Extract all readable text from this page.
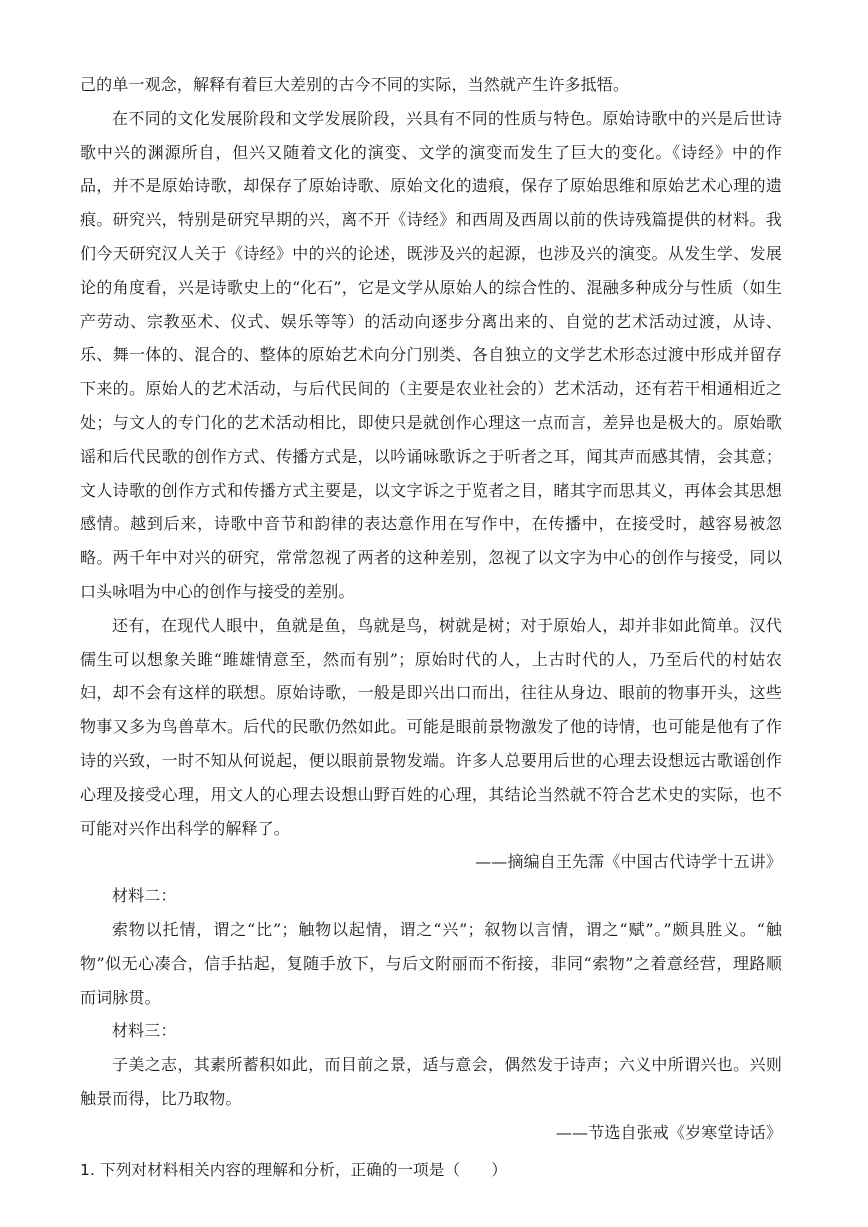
己的单一观念，解释有着巨大差别的古今不同的实际，当然就产生许多抵牾。

在不同的文化发展阶段和文学发展阶段，兴具有不同的性质与特色。原始诗歌中的兴是后世诗歌中兴的渊源所自，但兴又随着文化的演变、文学的演变而发生了巨大的变化。《诗经》中的作品，并不是原始诗歌，却保存了原始诗歌、原始文化的遗痕，保存了原始思维和原始艺术心理的遗痕。研究兴，特别是研究早期的兴，离不开《诗经》和西周及西周以前的佚诗残篇提供的材料。我们今天研究汉人关于《诗经》中的兴的论述，既涉及兴的起源，也涉及兴的演变。从发生学、发展论的角度看，兴是诗歌史上的“化石”，它是文学从原始人的综合性的、混融多种成分与性质（如生产劳动、宗教巫术、仪式、娱乐等等）的活动向逐步分离出来的、自觉的艺术活动过渡，从诗、乐、舞一体的、混合的、整体的原始艺术向分门别类、各自独立的文学艺术形态过渡中形成并留存下来的。原始人的艺术活动，与后代民间的（主要是农业社会的）艺术活动，还有若干相通相近之处；与文人的专门化的艺术活动相比，即使只是就创作心理这一点而言，差异也是极大的。原始歌谣和后代民歌的创作方式、传播方式是，以吟诵咏歌诉之于听者之耳，闻其声而感其情，会其意；文人诗歌的创作方式和传播方式主要是，以文字诉之于览者之目，睹其字而思其义，再体会其思想感情。越到后来，诗歌中音节和韵律的表达意作用在写作中，在传播中，在接受时，越容易被忽略。两千年中对兴的研究，常常忽视了两者的这种差别，忽视了以文字为中心的创作与接受，同以口头咏唱为中心的创作与接受的差别。

还有，在现代人眼中，鱼就是鱼，鸟就是鸟，树就是树；对于原始人，却并非如此简单。汉代儒生可以想象关雎“雎雄情意至，然而有别”；原始时代的人，上古时代的人，乃至后代的村姑农妇，却不会有这样的联想。原始诗歌，一般是即兴出口而出，往往从身边、眼前的物事开头，这些物事又多为鸟兽草木。后代的民歌仍然如此。可能是眼前景物激发了他的诗情，也可能是他有了作诗的兴致，一时不知从何说起，便以眼前景物发端。许多人总要用后世的心理去设想远古歌谣创作心理及接受心理，用文人的心理去设想山野百姓的心理，其结论当然就不符合艺术史的实际，也不可能对兴作出科学的解释了。

——摘编自王先霈《中国古代诗学十五讲》

材料二：

索物以托情，谓之“比”；触物以起情，谓之“兴”；叙物以言情，谓之“赋”。”颇具胜义。“触物”似无心凑合，信手拈起，复随手放下，与后文附丽而不衔接，非同“索物”之着意经营，理路顺而词脉贯。

材料三：

子美之志，其素所蓄积如此，而目前之景，适与意会，偶然发于诗声；六义中所谓兴也。兴则触景而得，比乃取物。

——节选自张戒《岁寒堂诗话》

1. 下列对材料相关内容的理解和分析，正确的一项是（　　）
